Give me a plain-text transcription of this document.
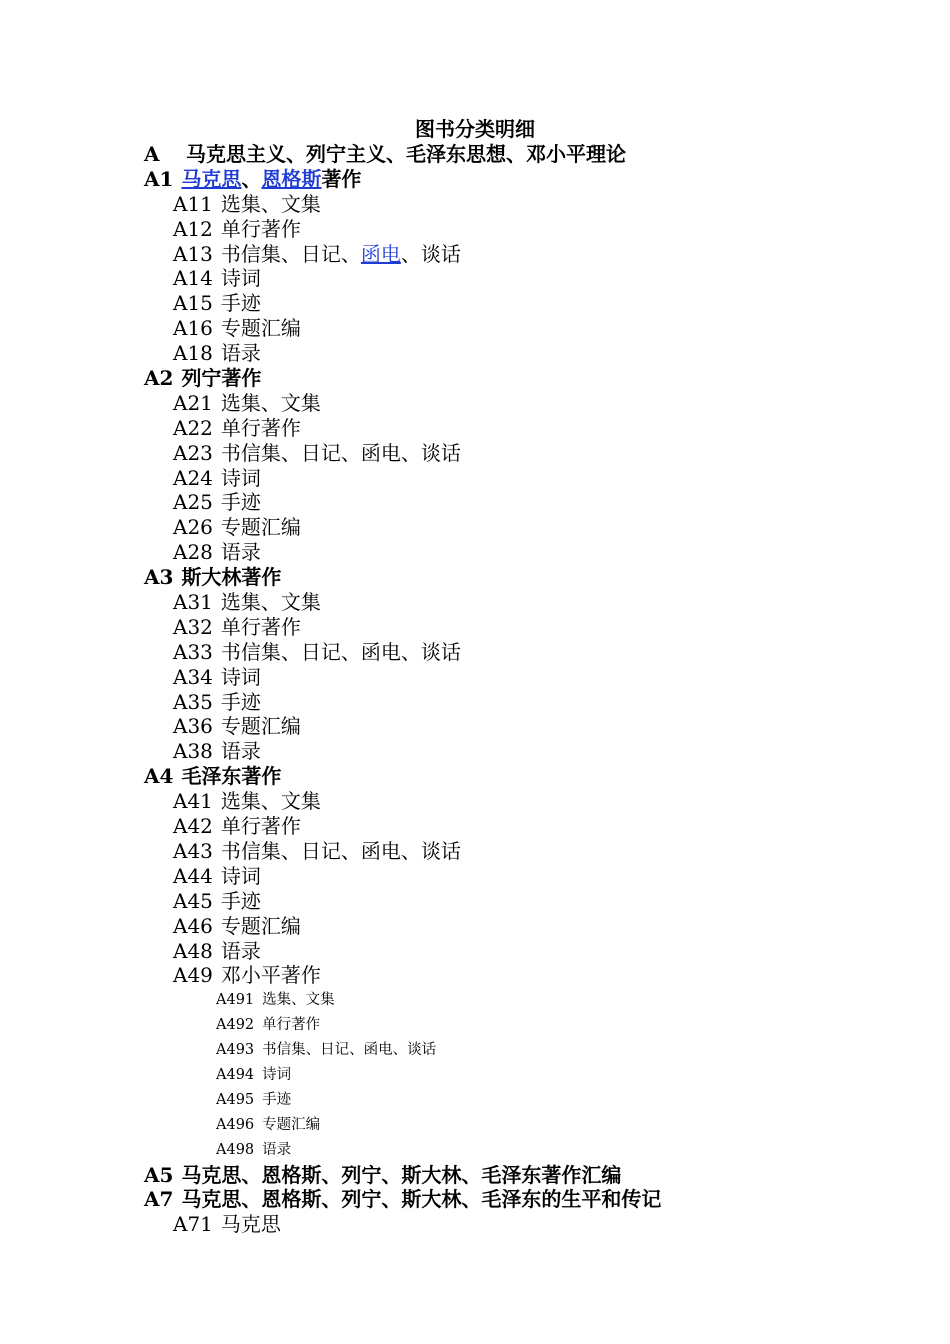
图书分类明细
A 马克思主义、列宁主义、毛泽东思想、邓小平理论
A1 马克思、恩格斯著作
A11 选集、文集
A12 单行著作
A13 书信集、日记、函电、谈话
A14 诗词
A15 手迹
A16 专题汇编
A18 语录
A2 列宁著作
A21 选集、文集
A22 单行著作
A23 书信集、日记、函电、谈话
A24 诗词
A25 手迹
A26 专题汇编
A28 语录
A3 斯大林著作
A31 选集、文集
A32 单行著作
A33 书信集、日记、函电、谈话
A34 诗词
A35 手迹
A36 专题汇编
A38 语录
A4 毛泽东著作
A41 选集、文集
A42 单行著作
A43 书信集、日记、函电、谈话
A44 诗词
A45 手迹
A46 专题汇编
A48 语录
A49 邓小平著作
A491 选集、文集
A492 单行著作
A493 书信集、日记、函电、谈话
A494 诗词
A495 手迹
A496 专题汇编
A498 语录
A5 马克思、恩格斯、列宁、斯大林、毛泽东著作汇编
A7 马克思、恩格斯、列宁、斯大林、毛泽东的生平和传记
A71 马克思
